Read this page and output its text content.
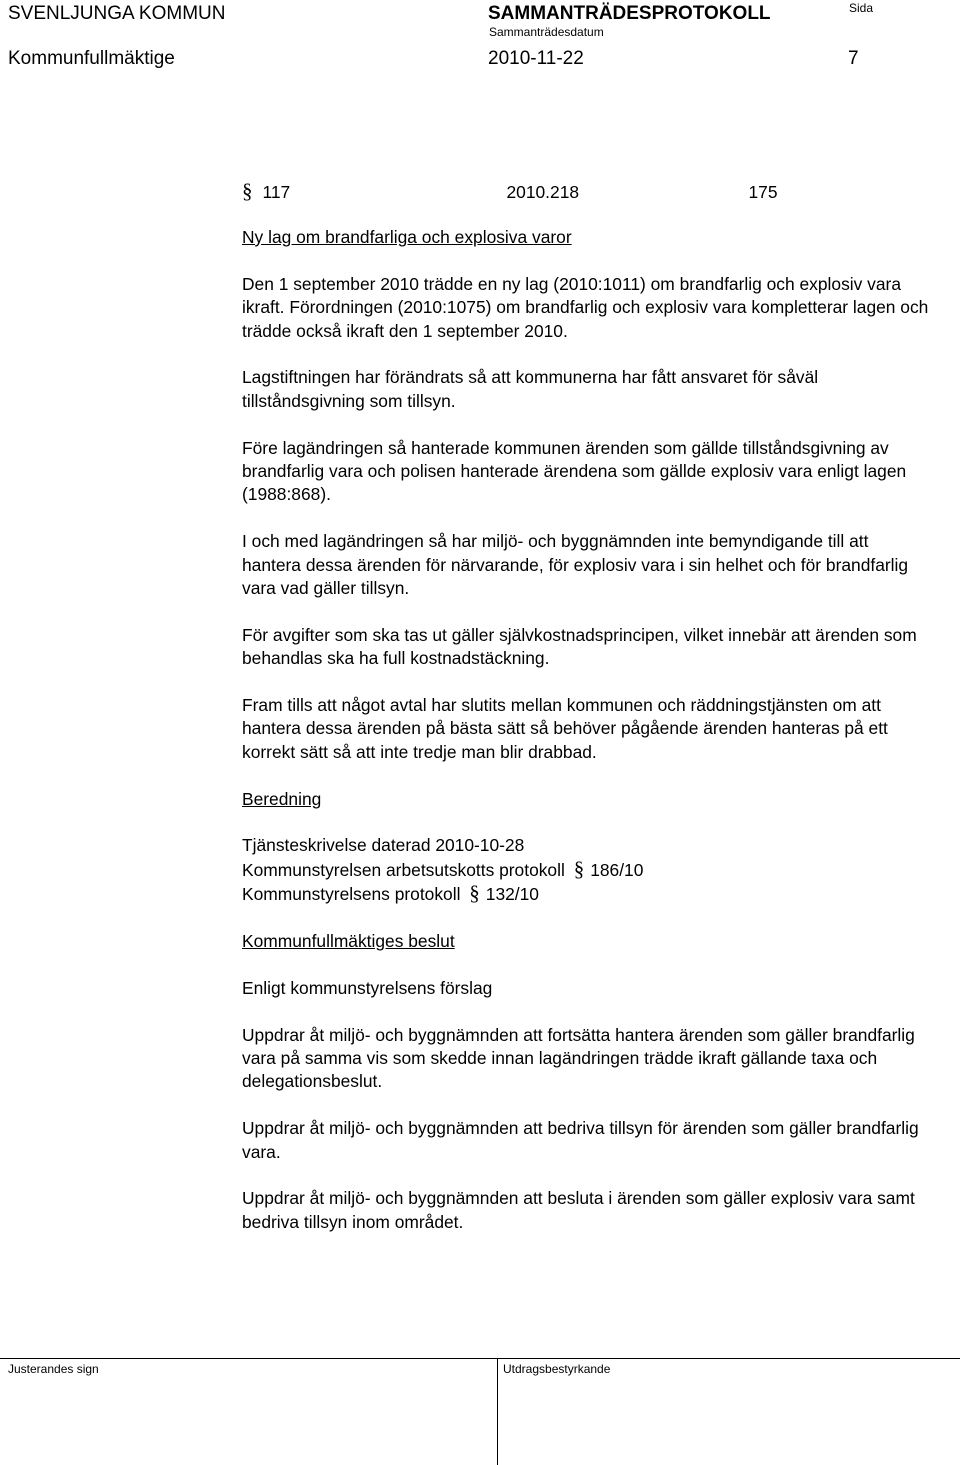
SVENLJUNGA KOMMUN	SAMMANTRÄDESPROTOKOLL	Sida
Sammanträdesdatum
Kommunfullmäktige	2010-11-22	7
§ 117	2010.218	175

Ny lag om brandfarliga och explosiva varor

Den 1 september 2010 trädde en ny lag (2010:1011) om brandfarlig och explosiv vara ikraft. Förordningen (2010:1075) om brandfarlig och explosiv vara kompletterar lagen och trädde också ikraft den 1 september 2010.

Lagstiftningen har förändrats så att kommunerna har fått ansvaret för såväl tillståndsgivning som tillsyn.

Före lagändringen så hanterade kommunen ärenden som gällde tillståndsgivning av brandfarlig vara och polisen hanterade ärendena som gällde explosiv vara enligt lagen (1988:868).

I och med lagändringen så har miljö- och byggnämnden inte bemyndigande till att hantera dessa ärenden för närvarande, för explosiv vara i sin helhet och för brandfarlig vara vad gäller tillsyn.

För avgifter som ska tas ut gäller självkostnadsprincipen, vilket innebär att ärenden som behandlas ska ha full kostnadstäckning.

Fram tills att något avtal har slutits mellan kommunen och räddningstjänsten om att hantera dessa ärenden på bästa sätt så behöver pågående ärenden hanteras på ett korrekt sätt så att inte tredje man blir drabbad.

Beredning

Tjänsteskrivelse daterad 2010-10-28

Kommunstyrelsen arbetsutskotts protokoll § 186/10

Kommunstyrelsens protokoll § 132/10

Kommunfullmäktiges beslut

Enligt kommunstyrelsens förslag

Uppdrar åt miljö- och byggnämnden att fortsätta hantera ärenden som gäller brandfarlig vara på samma vis som skedde innan lagändringen trädde ikraft gällande taxa och delegationsbeslut.

Uppdrar åt miljö- och byggnämnden att bedriva tillsyn för ärenden som gäller brandfarlig vara.

Uppdrar åt miljö- och byggnämnden att besluta i ärenden som gäller explosiv vara samt bedriva tillsyn inom området.

Justerandes sign	Utdragsbestyrkande
